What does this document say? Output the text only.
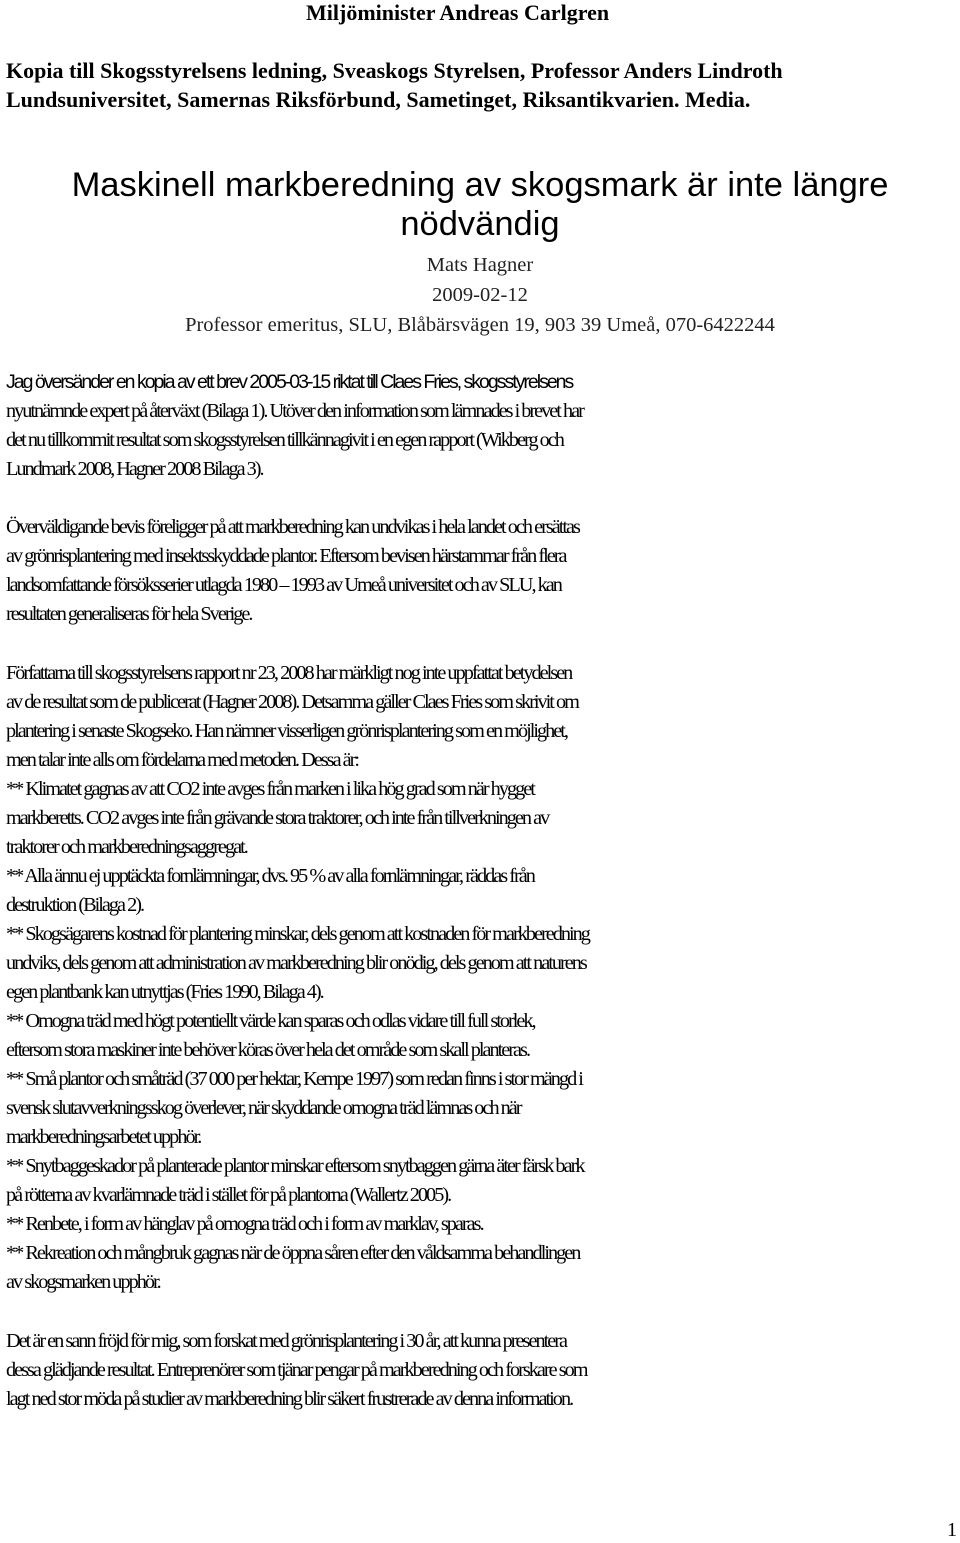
Miljöminister Andreas Carlgren
Kopia till Skogsstyrelsens ledning, Sveaskogs Styrelsen, Professor Anders Lindroth
Lundsuniversitet, Samernas Riksförbund, Sametinget, Riksantikvarien. Media.
Maskinell markberedning av skogsmark är inte längre
nödvändig
Mats Hagner
2009-02-12
Professor emeritus, SLU, Blåbärsvägen 19, 903 39 Umeå, 070-6422244
Jag översänder en kopia av ett brev 2005-03-15 riktat till Claes Fries, skogsstyrelsens
nyutnämnde expert på återväxt (Bilaga 1). Utöver den information som lämnades i brevet har
det nu tillkommit resultat som skogsstyrelsen tillkännagivit i en egen rapport (Wikberg och
Lundmark 2008, Hagner 2008 Bilaga 3).
Överväldigande bevis föreligger på att markberedning kan undvikas i hela landet och ersättas
av grönrisplantering med insektsskyddade plantor. Eftersom bevisen härstammar från flera
landsomfattande försöksserier utlagda 1980 – 1993 av Umeå universitet och av SLU, kan
resultaten generaliseras för hela Sverige.
Författarna till skogsstyrelsens rapport nr 23, 2008 har märkligt nog inte uppfattat betydelsen
av de resultat som de publicerat (Hagner 2008). Detsamma gäller Claes Fries som skrivit om
plantering i senaste Skogseko. Han nämner visserligen grönrisplantering som en möjlighet,
men talar inte alls om fördelarna med metoden. Dessa är:
** Klimatet gagnas av att CO2 inte avges från marken i lika hög grad som när hygget
markberetts. CO2 avges inte från grävande stora traktorer, och inte från tillverkningen av
traktorer och markberedningsaggregat.
** Alla ännu ej upptäckta fornlämningar, dvs. 95 % av alla fornlämningar, räddas från
destruktion (Bilaga 2).
** Skogsägarens kostnad för plantering minskar, dels genom att kostnaden för markberedning
undviks, dels genom att administration av markberedning blir onödig, dels genom att naturens
egen plantbank kan utnyttjas (Fries 1990, Bilaga 4).
** Omogna träd med högt potentiellt värde kan sparas och odlas vidare till full storlek,
eftersom stora maskiner inte behöver köras över hela det område som skall planteras.
** Små plantor och småträd (37 000 per hektar, Kempe 1997) som redan finns i stor mängd i
svensk slutavverkningsskog överlever, när skyddande omogna träd lämnas och när
markberedningsarbetet upphör.
** Snytbaggeskador på planterade plantor minskar eftersom snytbaggen gärna äter färsk bark
på rötterna av kvarlämnade träd i stället för på plantorna (Wallertz 2005).
** Renbete, i form av hänglav på omogna träd och i form av marklav, sparas.
** Rekreation och mångbruk gagnas när de öppna såren efter den våldsamma behandlingen
av skogsmarken upphör.
Det är en sann fröjd för mig, som forskat med grönrisplantering i 30 år, att kunna presentera
dessa glädjande resultat. Entreprenörer som tjänar pengar på markberedning och forskare som
lagt ned stor möda på studier av markberedning blir säkert frustrerade av denna information.
1
